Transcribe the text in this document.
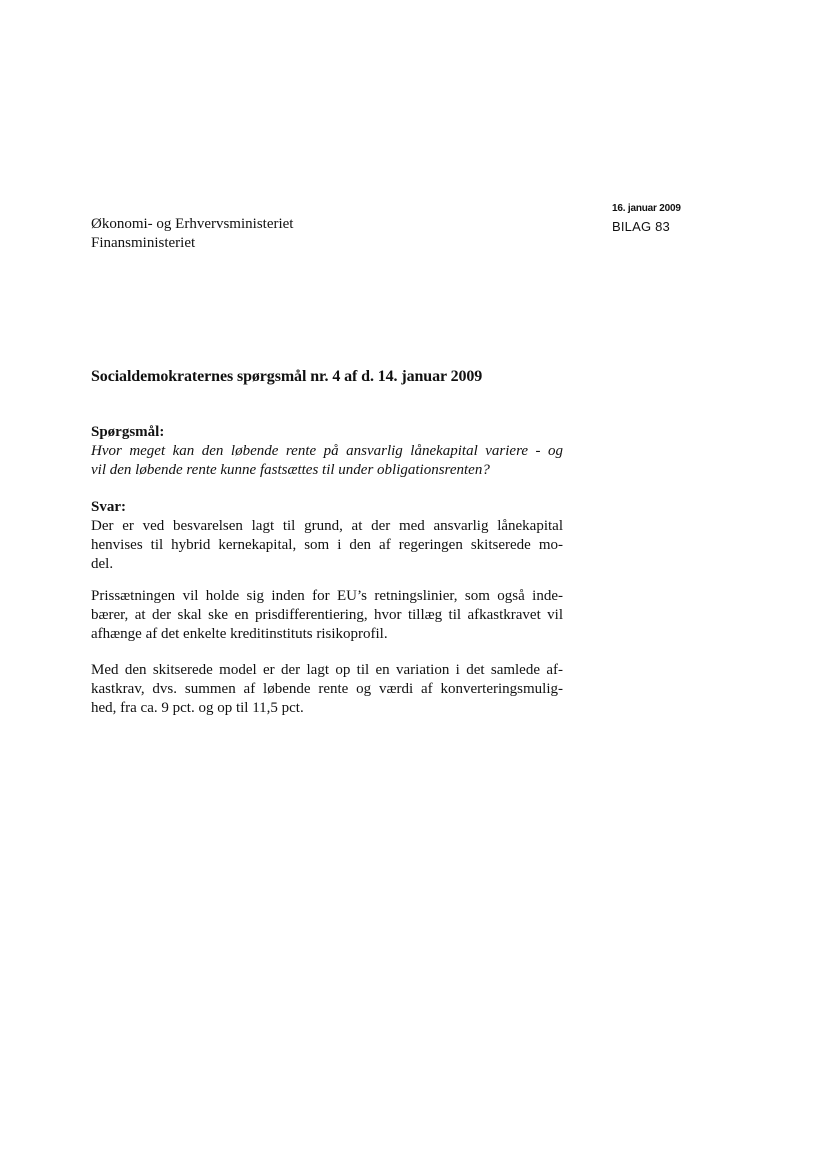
16. januar 2009
BILAG 83
Økonomi- og Erhvervsministeriet
Finansministeriet
Socialdemokraternes spørgsmål nr. 4 af d. 14. januar 2009
Spørgsmål:
Hvor meget kan den løbende rente på ansvarlig lånekapital variere - og
vil den løbende rente kunne fastsættes til under obligationsrenten?
Svar:
Der er ved besvarelsen lagt til grund, at der med ansvarlig lånekapital
henvises til hybrid kernekapital, som i den af regeringen skitserede mo-
del.
Prissætningen vil holde sig inden for EU’s retningslinier, som også inde-
bærer, at der skal ske en prisdifferentiering, hvor tillæg til afkastkravet vil
afhænge af det enkelte kreditinstituts risikoprofil.
Med den skitserede model er der lagt op til en variation i det samlede af-
kastkrav, dvs. summen af løbende rente og værdi af konverteringsmulig-
hed, fra ca. 9 pct. og op til 11,5 pct.
